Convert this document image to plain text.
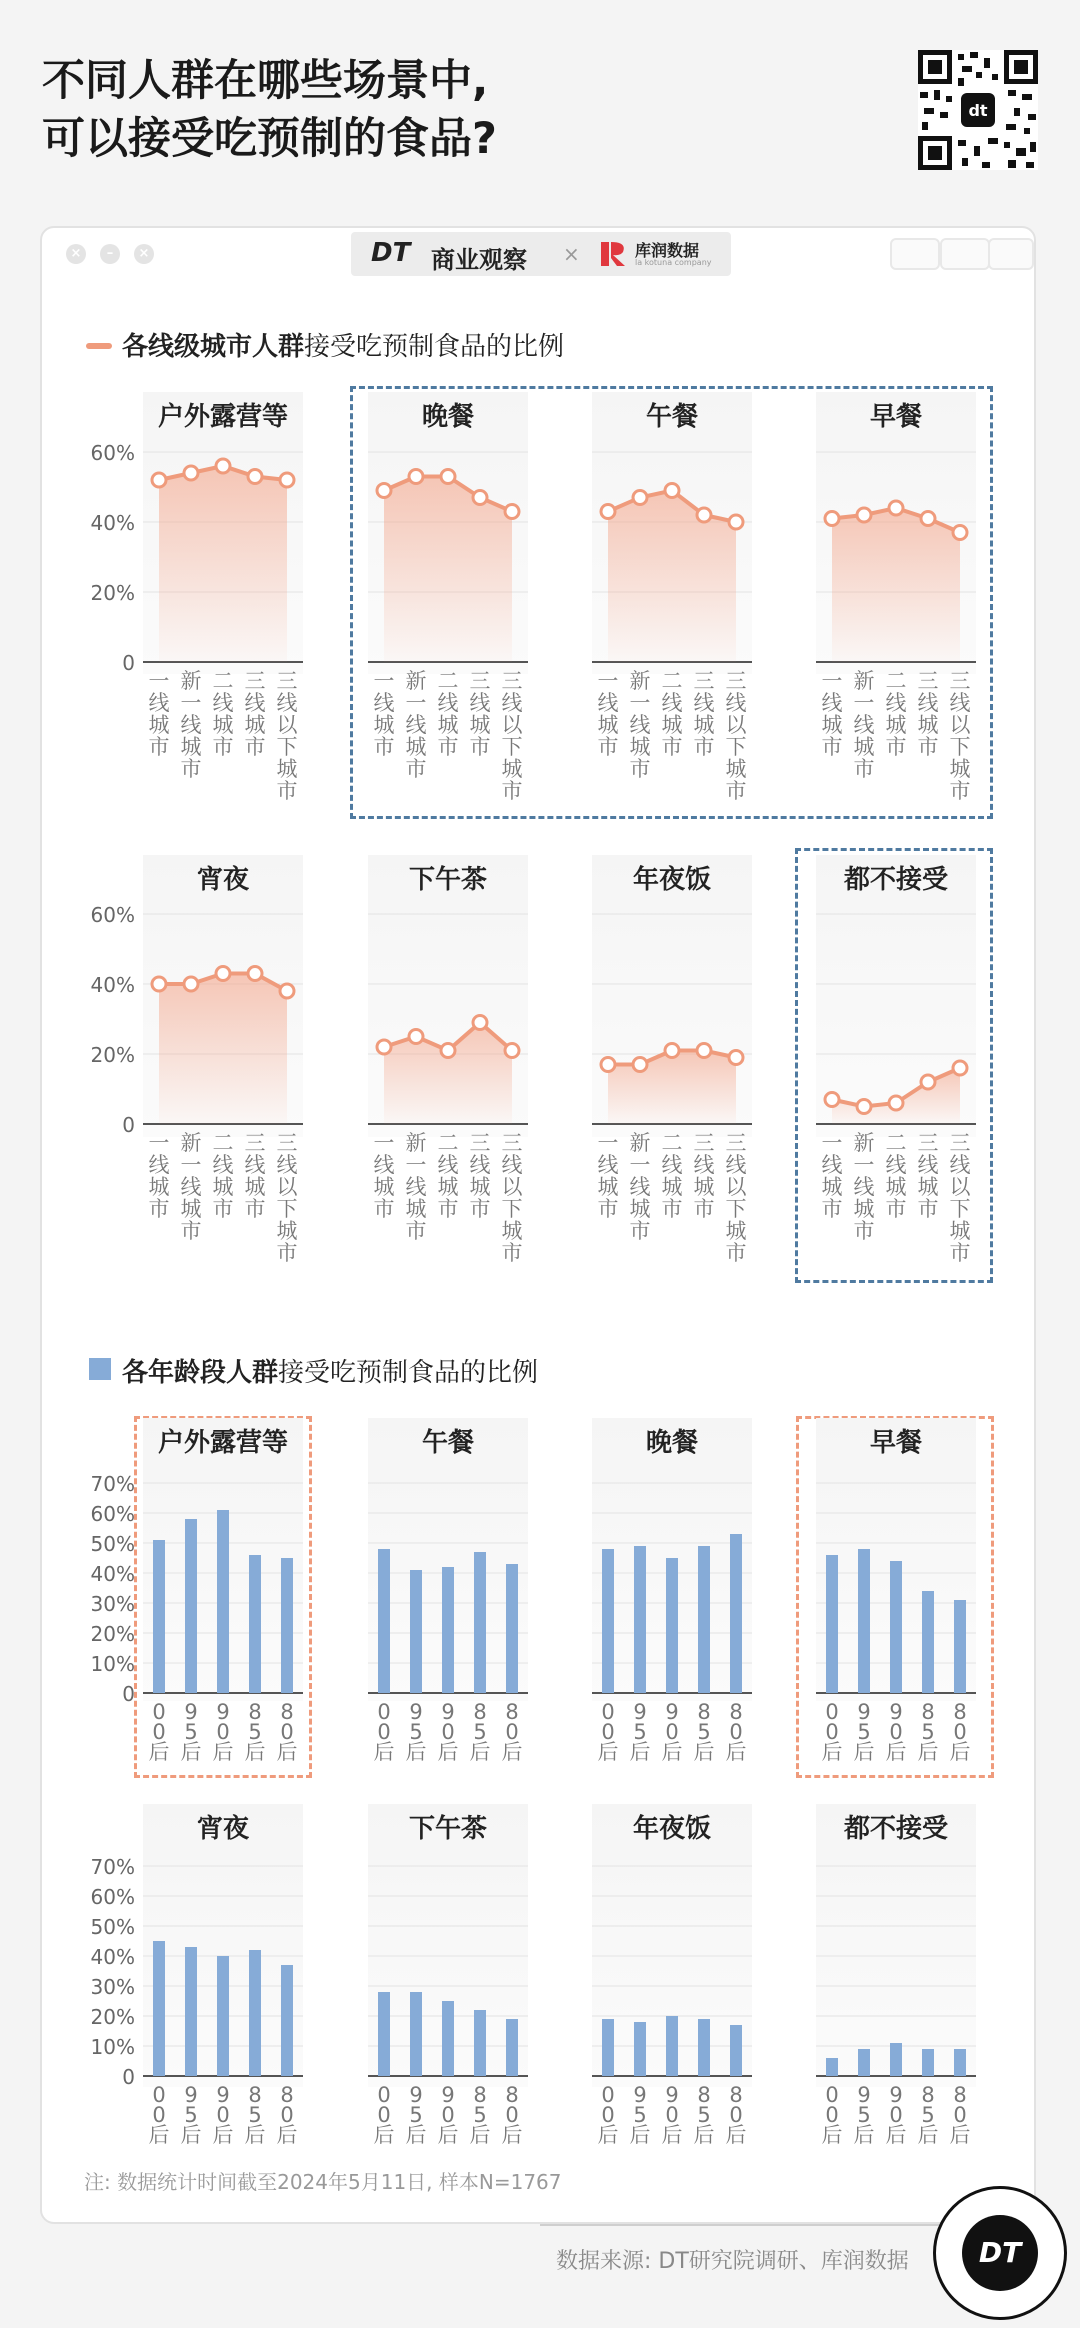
不同人群在哪些场景中,
可以接受吃预制的食品?
dt
×	–	×	DT 商业观察 ×	库润数据
la kotuna company
各线级城市人群接受吃预制食品的比例
各年龄段人群接受吃预制食品的比例
户外露营等
60%
40%
20%
0
一线城市
新一线城市
二线城市
三线城市
三线以下城市
晚餐
一线城市
新一线城市
二线城市
三线城市
三线以下城市
午餐
一线城市
新一线城市
二线城市
三线城市
三线以下城市
早餐
一线城市
新一线城市
二线城市
三线城市
三线以下城市
宵夜
60%
40%
20%
0
一线城市
新一线城市
二线城市
三线城市
三线以下城市
下午茶
一线城市
新一线城市
二线城市
三线城市
三线以下城市
年夜饭
一线城市
新一线城市
二线城市
三线城市
三线以下城市
都不接受
一线城市
新一线城市
二线城市
三线城市
三线以下城市
户外露营等
70%
60%
50%
40%
30%
20%
10%
0
0 0 后
9 5 后
9 0 后
8 5 后
8 0 后
午餐
0 0 后
9 5 后
9 0 后
8 5 后
8 0 后
晚餐
0 0 后
9 5 后
9 0 后
8 5 后
8 0 后
早餐
0 0 后
9 5 后
9 0 后
8 5 后
8 0 后
宵夜
70%
60%
50%
40%
30%
20%
10%
0
0 0 后
9 5 后
9 0 后
8 5 后
8 0 后
下午茶
0 0 后
9 5 后
9 0 后
8 5 后
8 0 后
年夜饭
0 0 后
9 5 后
9 0 后
8 5 后
8 0 后
都不接受
0 0 后
9 5 后
9 0 后
8 5 后
8 0 后
注: 数据统计时间截至2024年5月11日, 样本N=1767
数据来源: DT研究院调研、库润数据	DT
